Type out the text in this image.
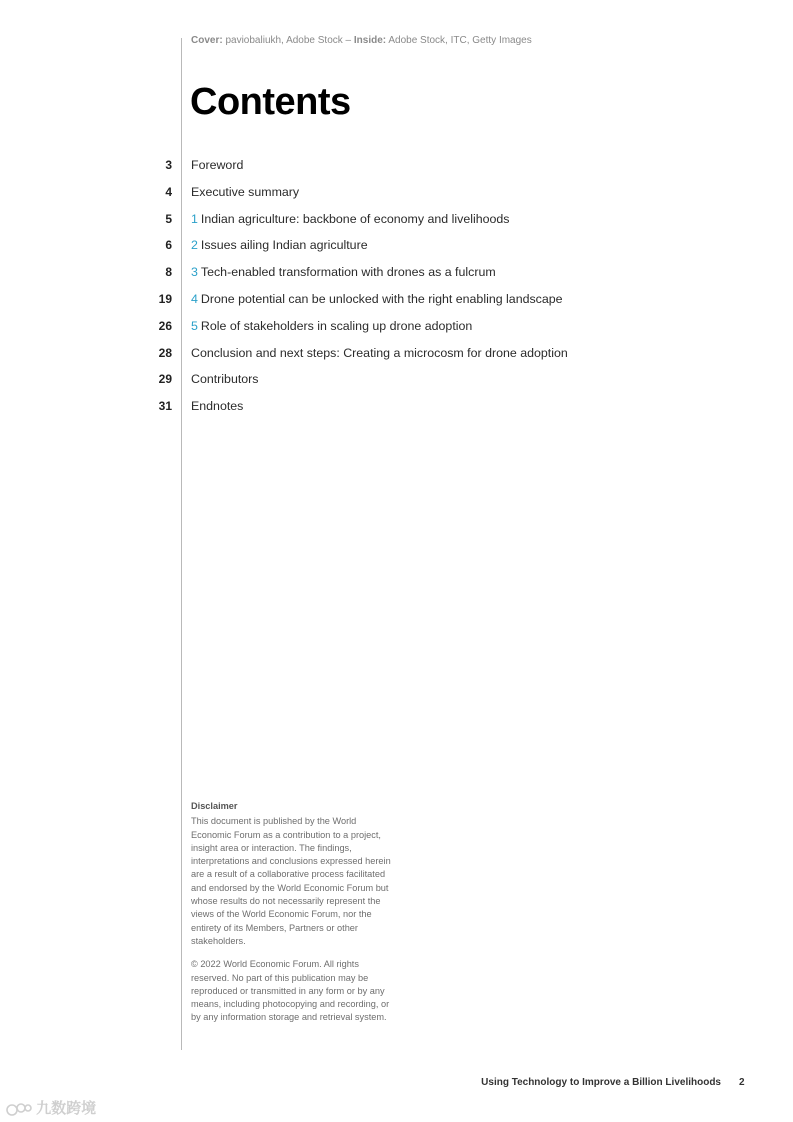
Cover: paviobaliukh, Adobe Stock – Inside: Adobe Stock, ITC, Getty Images
Contents
3 Foreword
4 Executive summary
5 1 Indian agriculture: backbone of economy and livelihoods
6 2 Issues ailing Indian agriculture
8 3 Tech-enabled transformation with drones as a fulcrum
19 4 Drone potential can be unlocked with the right enabling landscape
26 5 Role of stakeholders in scaling up drone adoption
28 Conclusion and next steps: Creating a microcosm for drone adoption
29 Contributors
31 Endnotes
Disclaimer

This document is published by the World Economic Forum as a contribution to a project, insight area or interaction. The findings, interpretations and conclusions expressed herein are a result of a collaborative process facilitated and endorsed by the World Economic Forum but whose results do not necessarily represent the views of the World Economic Forum, nor the entirety of its Members, Partners or other stakeholders.

© 2022 World Economic Forum. All rights reserved. No part of this publication may be reproduced or transmitted in any form or by any means, including photocopying and recording, or by any information storage and retrieval system.

Using Technology to Improve a Billion Livelihoods 2
九数跨境
